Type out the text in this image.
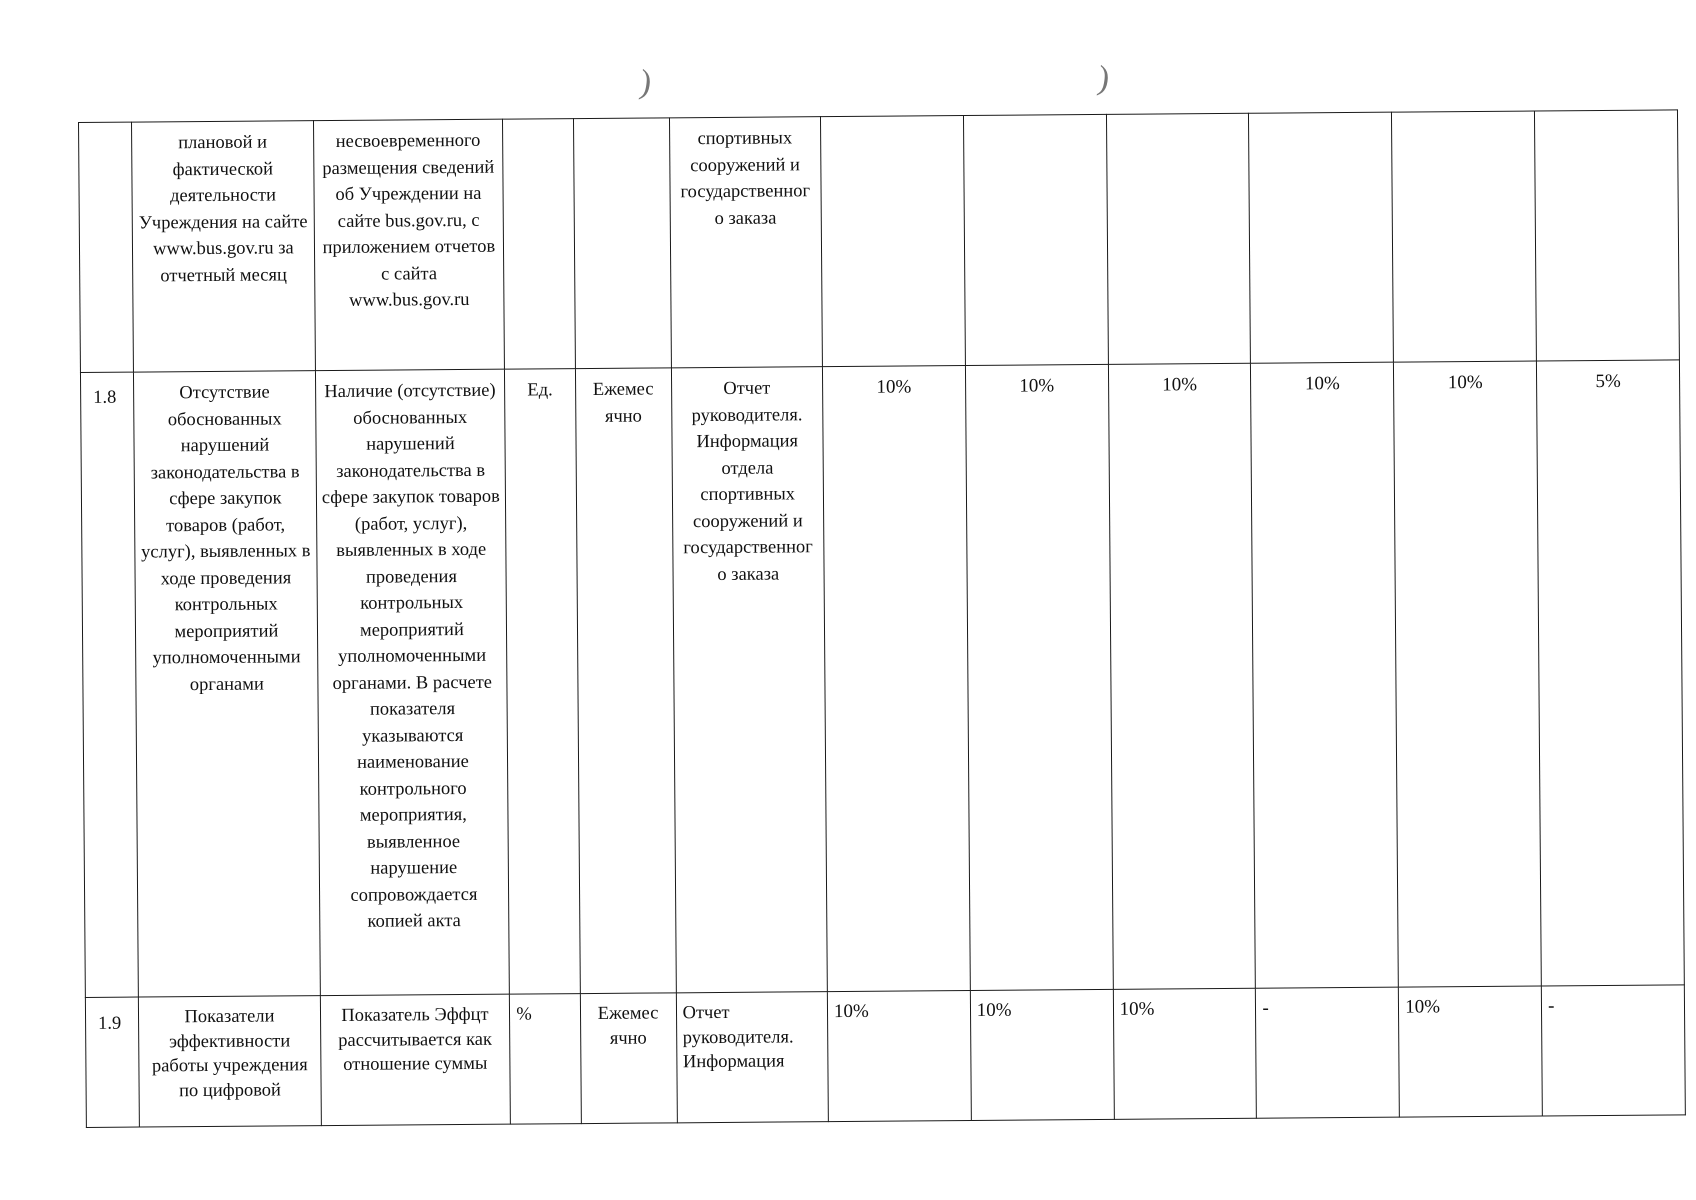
)	)
	плановой и фактической деятельности Учреждения на сайте www.bus.gov.ru за отчетный месяц	несвоевременного размещения сведений об Учреждении на сайте bus.gov.ru, с приложением отчетов с сайта www.bus.gov.ru			спортивных сооружений и государственног о заказа						
1.8	Отсутствие обоснованных нарушений законодательства в сфере закупок товаров (работ, услуг), выявленных в ходе проведения контрольных мероприятий уполномоченными органами	Наличие (отсутствие) обоснованных нарушений законодательства в сфере закупок товаров (работ, услуг), выявленных в ходе проведения контрольных мероприятий уполномоченными органами. В расчете показателя указываются наименование контрольного мероприятия, выявленное нарушение сопровождается копией акта	Ед.	Ежемес ячно	Отчет руководителя. Информация отдела спортивных сооружений и государственног о заказа	10%	10%	10%	10%	10%	5%
1.9	Показатели эффективности работы учреждения по цифровой	Показатель Эффцт рассчитывается как отношение суммы	%	Ежемес ячно	Отчет руководителя. Информация	10%	10%	10%	-	10%	-
